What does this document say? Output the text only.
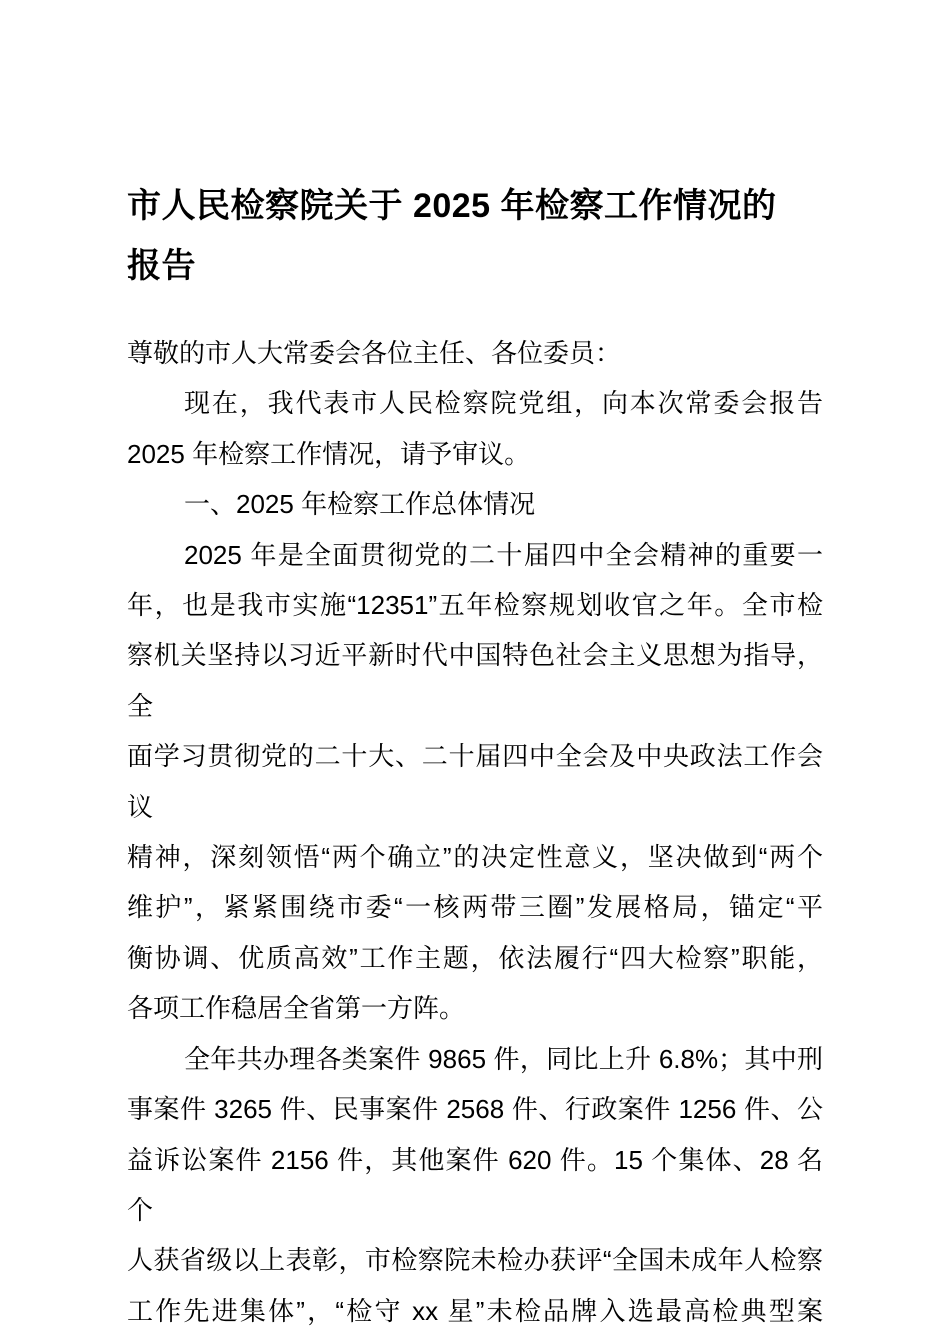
市人民检察院关于 2025 年检察工作情况的
报告
尊敬的市人大常委会各位主任、各位委员：
现在，我代表市人民检察院党组，向本次常委会报告
2025 年检察工作情况，请予审议。
一、2025 年检察工作总体情况
2025 年是全面贯彻党的二十届四中全会精神的重要一
年，也是我市实施“12351”五年检察规划收官之年。全市检
察机关坚持以习近平新时代中国特色社会主义思想为指导，全
面学习贯彻党的二十大、二十届四中全会及中央政法工作会议
精神，深刻领悟“两个确立”的决定性意义，坚决做到“两个
维护”，紧紧围绕市委“一核两带三圈”发展格局，锚定“平
衡协调、优质高效”工作主题，依法履行“四大检察”职能，
各项工作稳居全省第一方阵。
全年共办理各类案件 9865 件，同比上升 6.8%；其中刑
事案件 3265 件、民事案件 2568 件、行政案件 1256 件、公
益诉讼案件 2156 件，其他案件 620 件。15 个集体、28 名个
人获省级以上表彰，市检察院未检办获评“全国未成年人检察
工作先进集体”，“检守 xx 星”未检品牌入选最高检典型案
